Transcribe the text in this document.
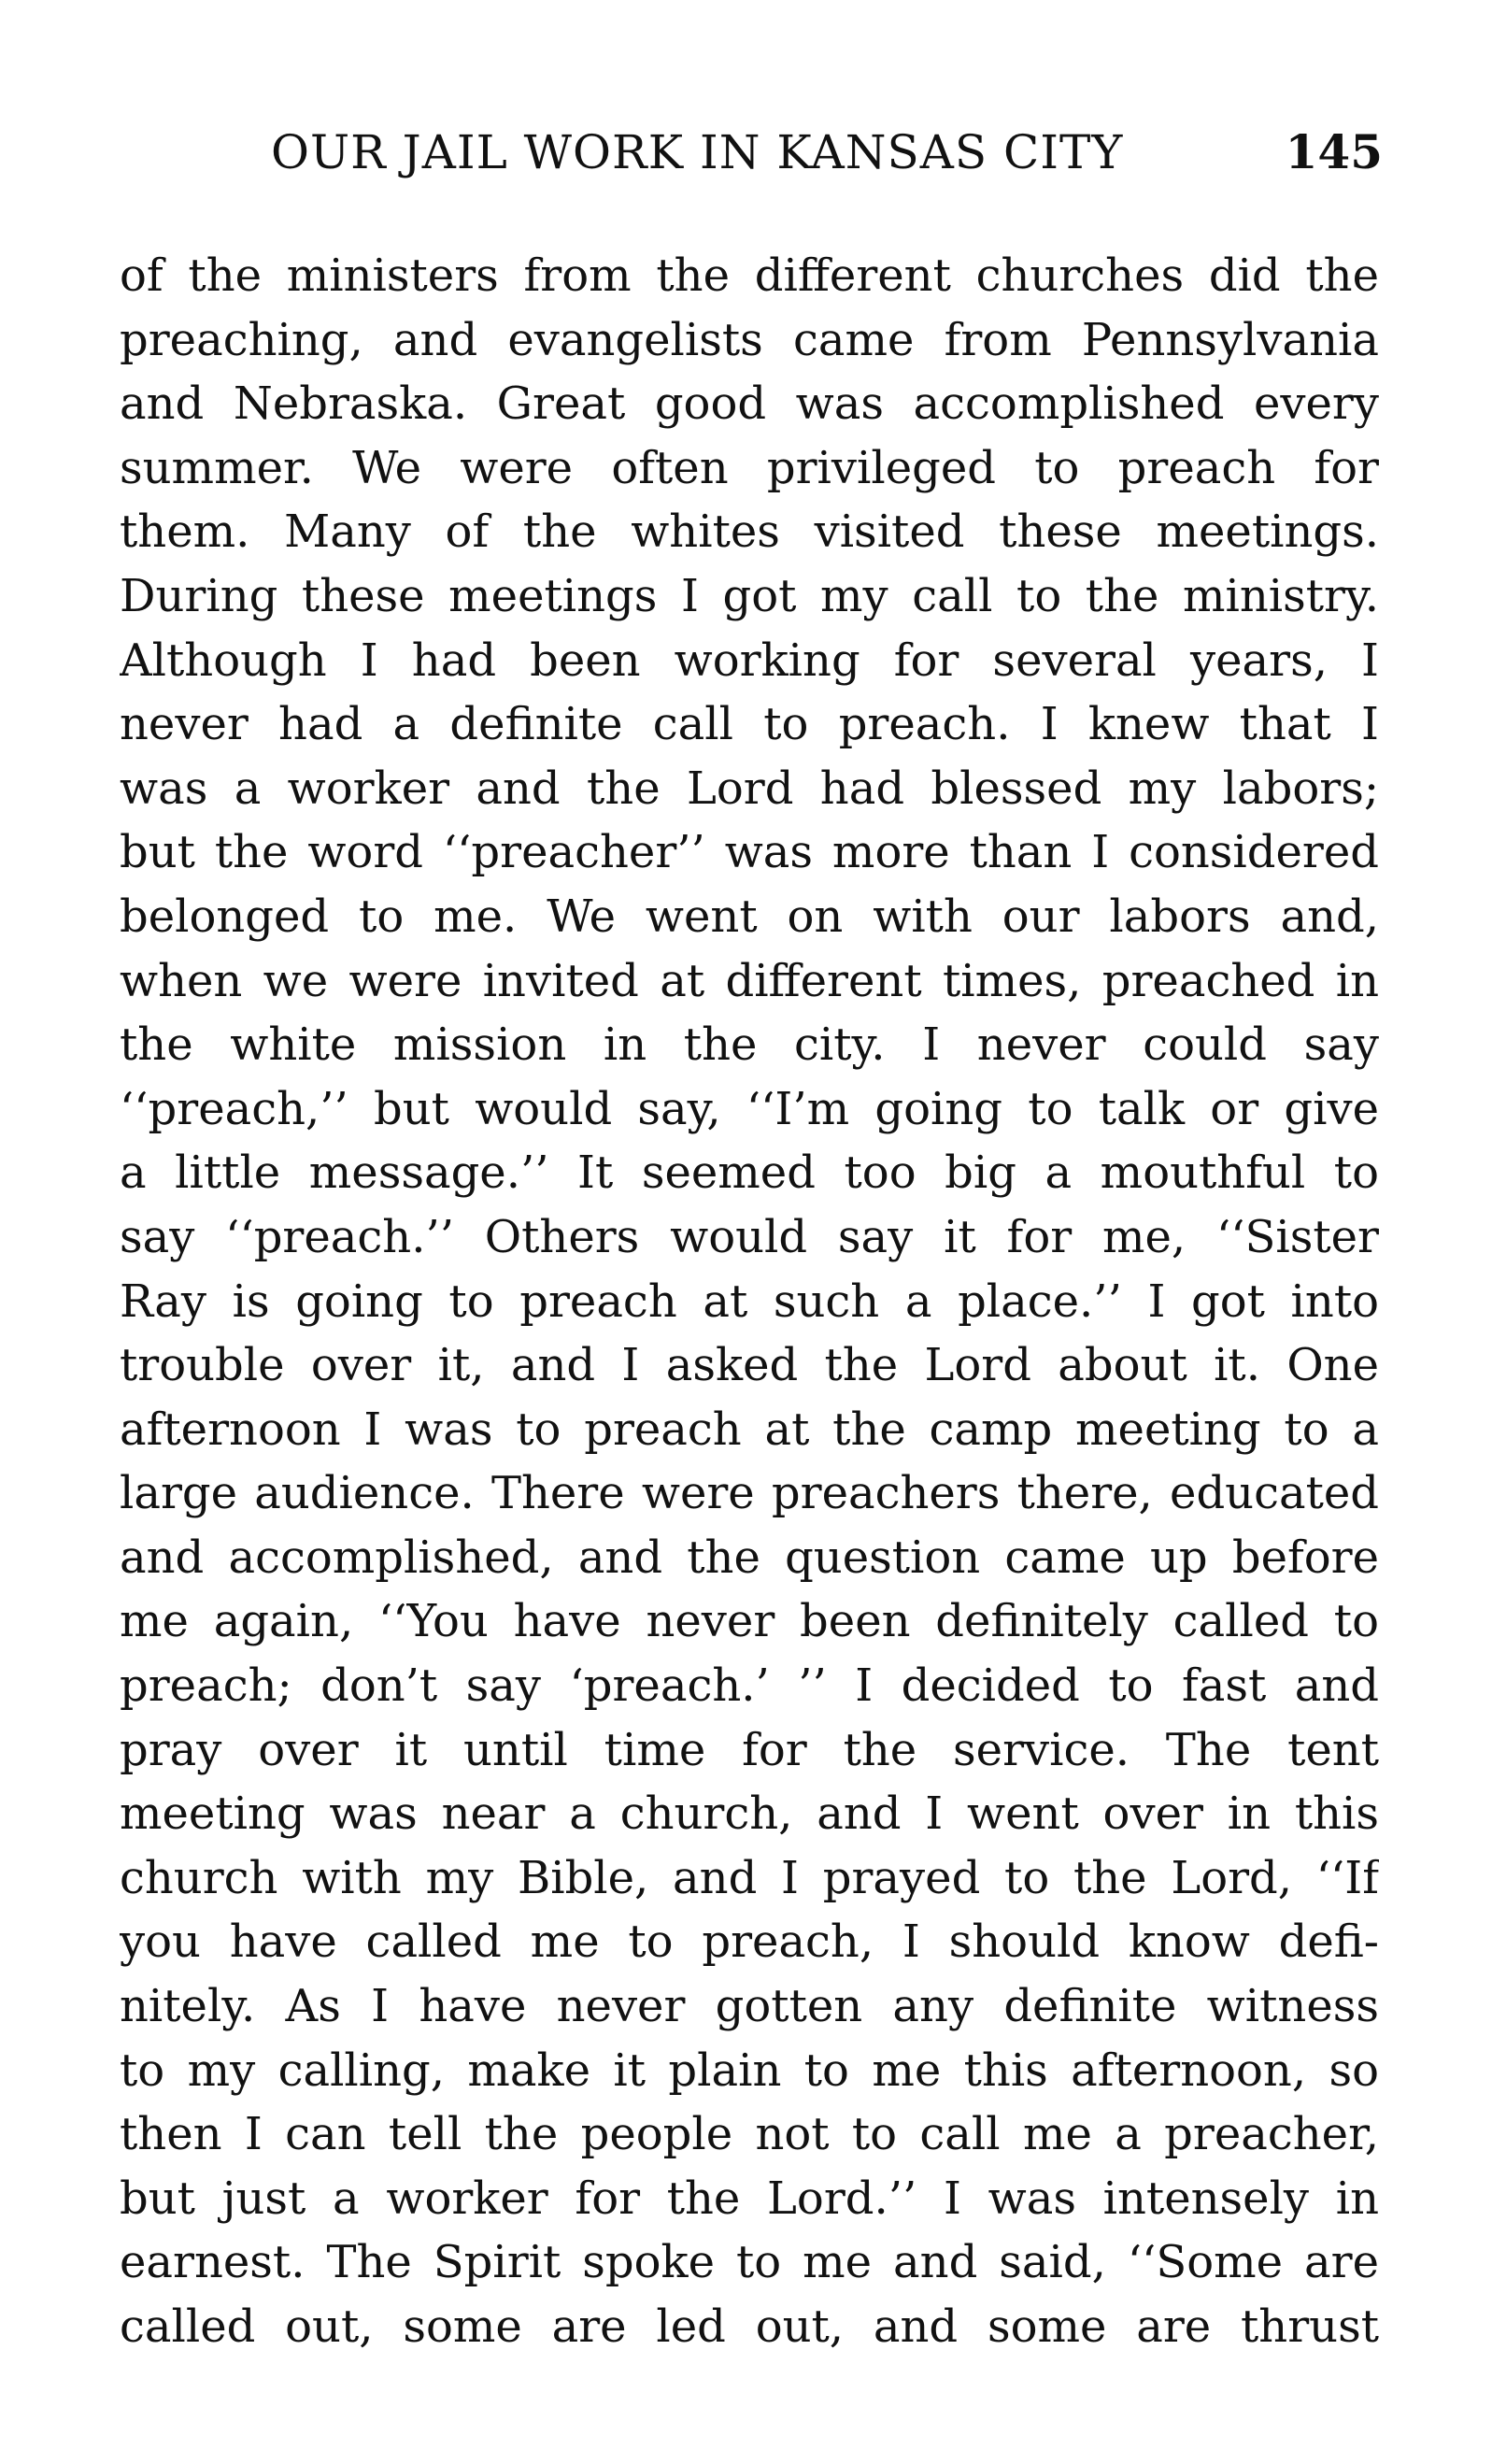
OUR JAIL WORK IN KANSAS CITY	145
of the ministers from the different churches did the
preaching, and evangelists came from Pennsylvania
and Nebraska. Great good was accomplished every
summer. We were often privileged to preach for
them. Many of the whites visited these meetings.
During these meetings I got my call to the ministry.
Although I had been working for several years, I
never had a definite call to preach. I knew that I
was a worker and the Lord had blessed my labors;
but the word ‘‘preacher’’ was more than I considered
belonged to me. We went on with our labors and,
when we were invited at different times, preached in
the white mission in the city. I never could say
‘‘preach,’’ but would say, ‘‘I’m going to talk or give
a little message.’’ It seemed too big a mouthful to
say ‘‘preach.’’ Others would say it for me, ‘‘Sister
Ray is going to preach at such a place.’’ I got into
trouble over it, and I asked the Lord about it. One
afternoon I was to preach at the camp meeting to a
large audience. There were preachers there, educated
and accomplished, and the question came up before
me again, ‘‘You have never been definitely called to
preach; don’t say ‘preach.’ ’’ I decided to fast and
pray over it until time for the service. The tent
meeting was near a church, and I went over in this
church with my Bible, and I prayed to the Lord, ‘‘If
you have called me to preach, I should know defi-
nitely. As I have never gotten any definite witness
to my calling, make it plain to me this afternoon, so
then I can tell the people not to call me a preacher,
but just a worker for the Lord.’’ I was intensely in
earnest. The Spirit spoke to me and said, ‘‘Some are
called out, some are led out, and some are thrust
